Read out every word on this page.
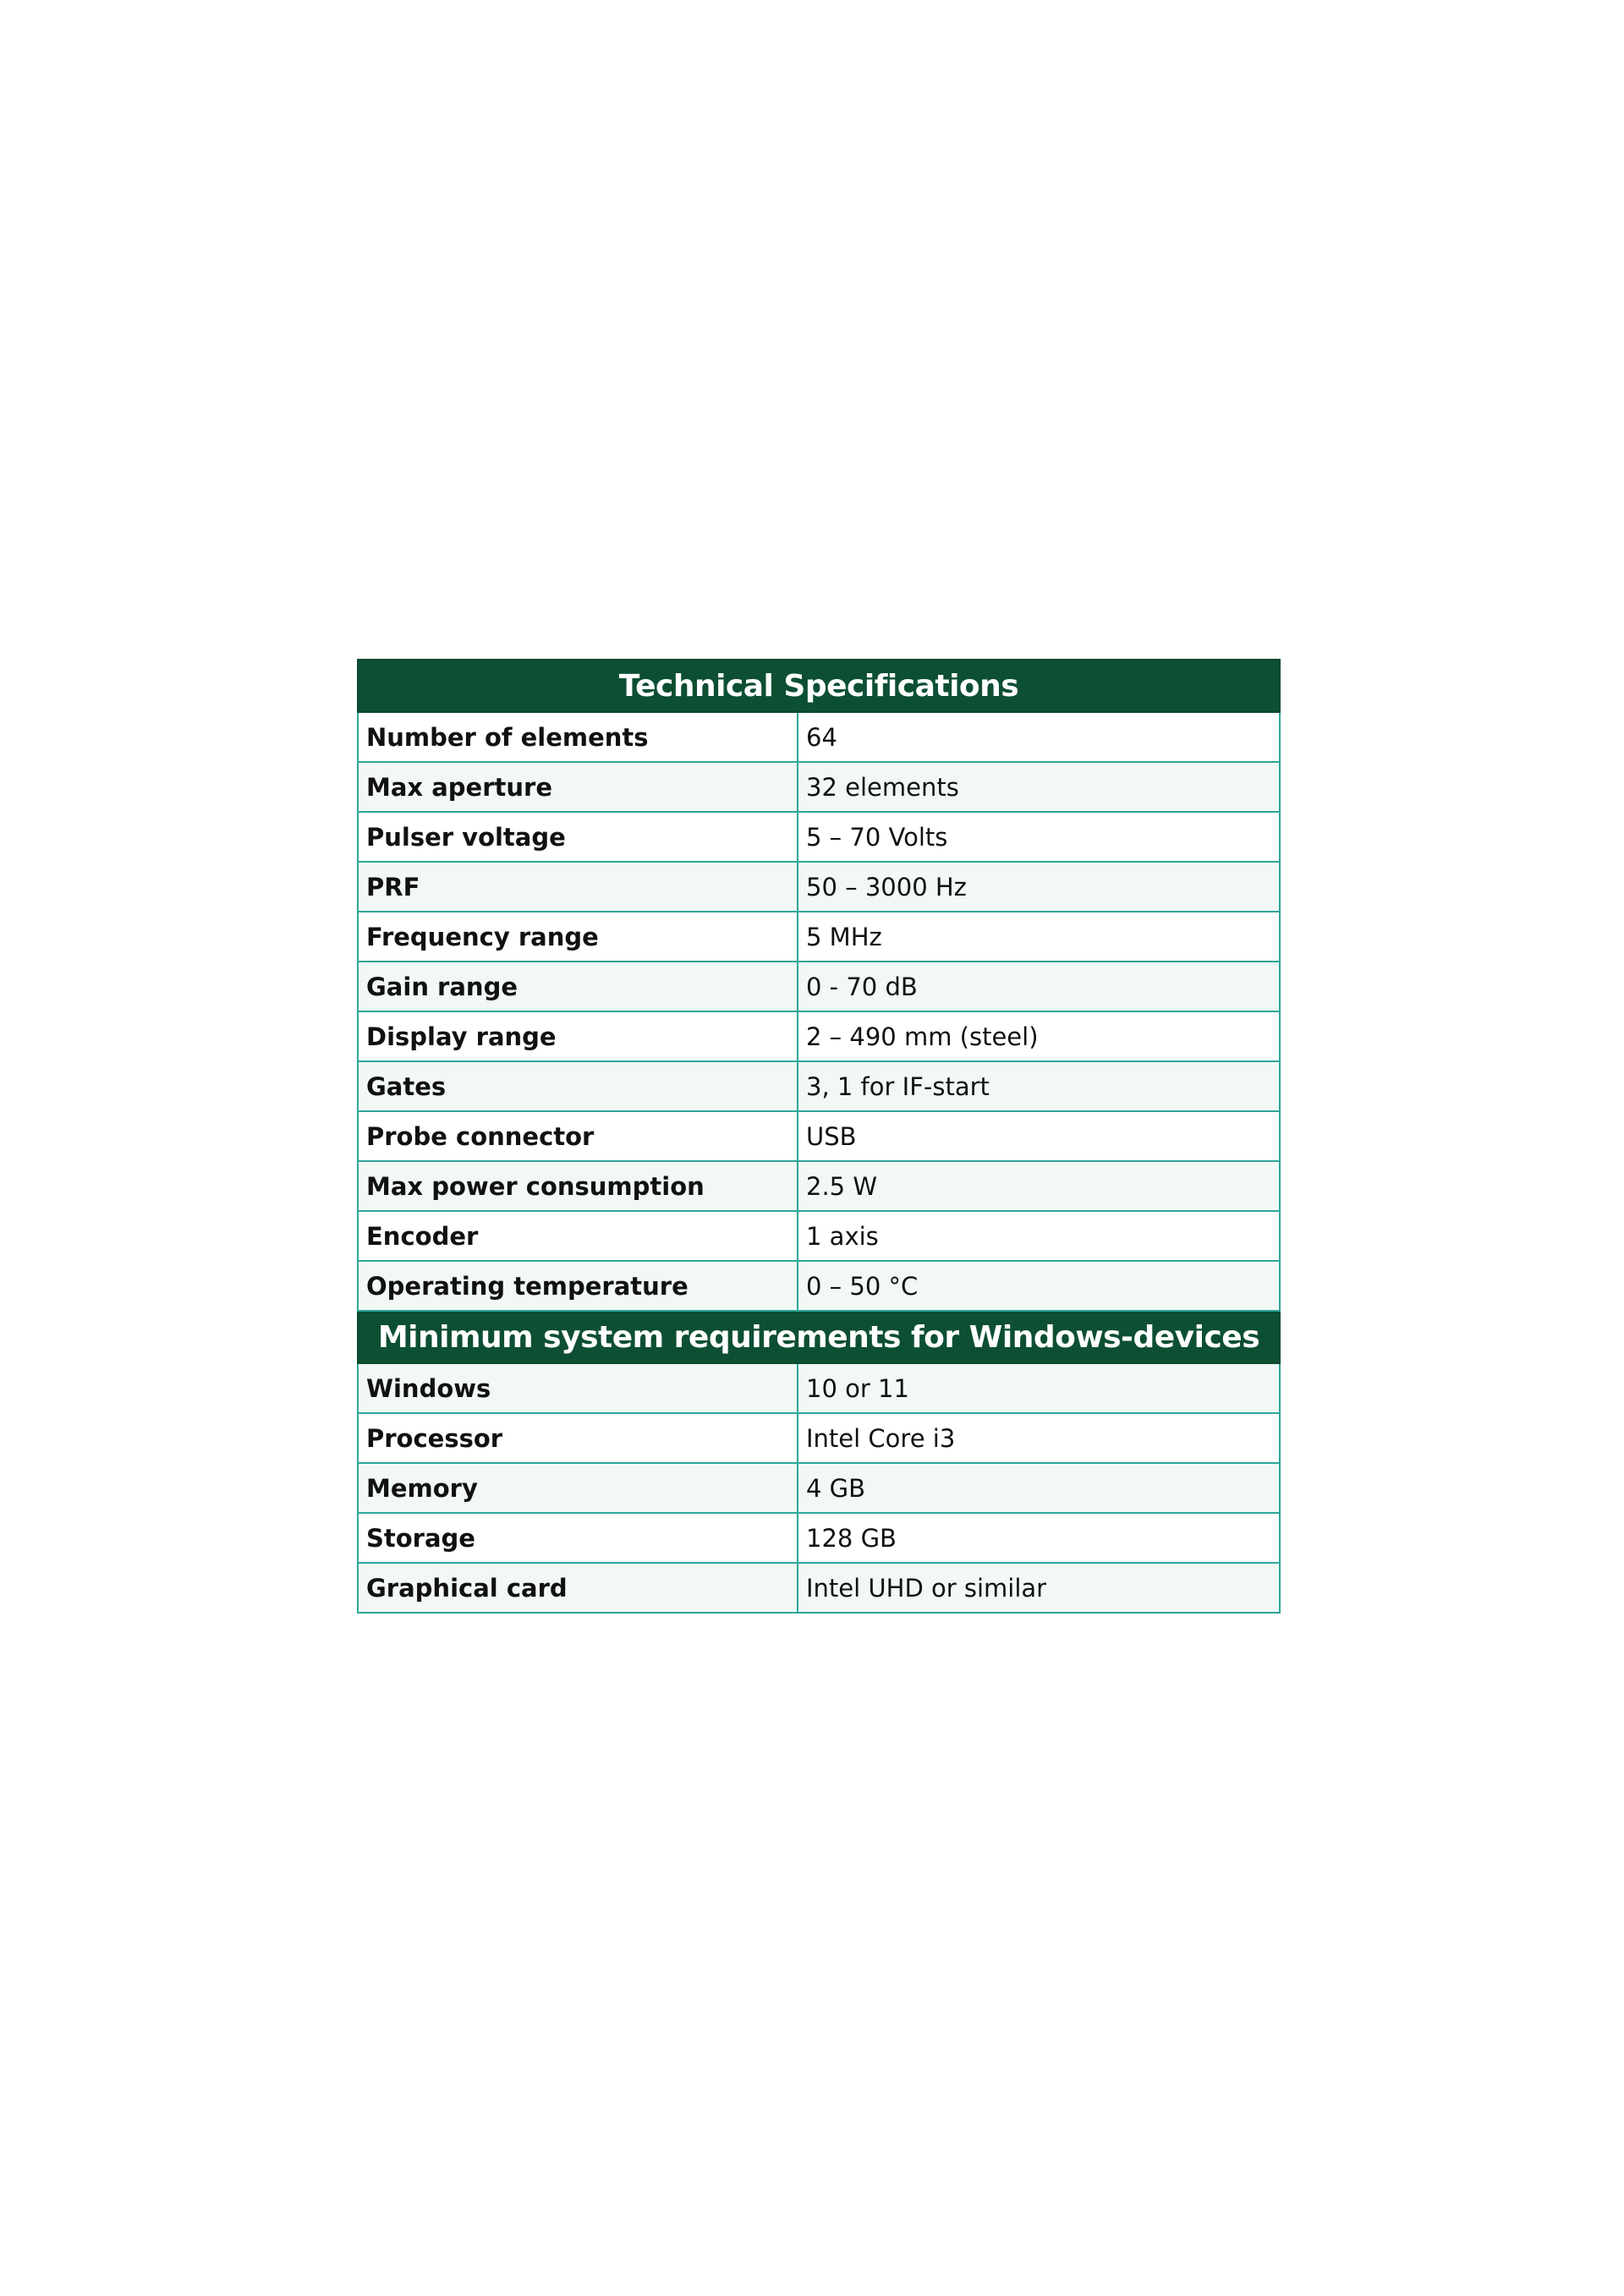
Technical Specifications	
Number of elements	64
Max aperture	32 elements
Pulser voltage	5 – 70 Volts
PRF	50 – 3000 Hz
Frequency range	5 MHz
Gain range	0 - 70 dB
Display range	2 – 490 mm (steel)
Gates	3, 1 for IF-start
Probe connector	USB
Max power consumption	2.5 W
Encoder	1 axis
Operating temperature	0 – 50 °C
Minimum system requirements for Windows-devices	
Windows	10 or 11
Processor	Intel Core i3
Memory	4 GB
Storage	128 GB
Graphical card	Intel UHD or similar
